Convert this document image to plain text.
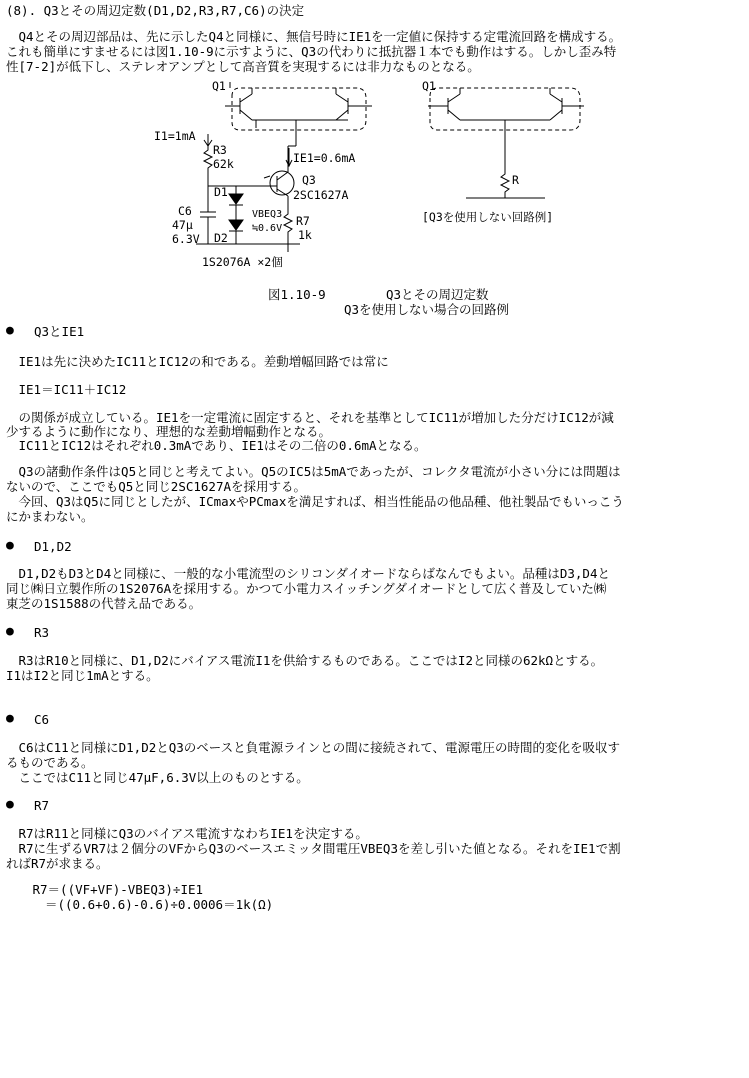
(8). Q3とその周辺定数(D1,D2,R3,R7,C6)の決定
　Q4とその周辺部品は、先に示したQ4と同様に、無信号時にIE1を一定値に保持する定電流回路を構成する。
これも簡単にすませるには図1.10-9に示すように、Q3の代わりに抵抗器１本でも動作はする。しかし歪み特
性[7-2]が低下し、ステレオアンプとして高音質を実現するには非力なものとなる。
Q1	Q1
I1=1mA
R3
62k	IE1=0.6mA
D1
D2
Q3
2SC1627A
C6
47μ
6.3V
VBEQ3
≒0.6V
R7
1k
1S2076A ×2個
R
[Q3を使用しない回路例]
図1.10-9	Q3とその周辺定数
Q3を使用しない場合の回路例
● Q3とIE1
　IE1は先に決めたIC11とIC12の和である。差動増幅回路では常に
　IE1＝IC11＋IC12
　の関係が成立している。IE1を一定電流に固定すると、それを基準としてIC11が増加した分だけIC12が減
少するように動作になり、理想的な差動増幅動作となる。
　IC11とIC12はそれぞれ0.3mAであり、IE1はその二倍の0.6mAとなる。
　Q3の諸動作条件はQ5と同じと考えてよい。Q5のIC5は5mAであったが、コレクタ電流が小さい分には問題は
ないので、ここでもQ5と同じ2SC1627Aを採用する。
　今回、Q3はQ5に同じとしたが、ICmaxやPCmaxを満足すれば、相当性能品の他品種、他社製品でもいっこう
にかまわない。
● D1,D2
　D1,D2もD3とD4と同様に、一般的な小電流型のシリコンダイオードならばなんでもよい。品種はD3,D4と
同じ㈱日立製作所の1S2076Aを採用する。かつて小電力スイッチングダイオードとして広く普及していた㈱
東芝の1S1588の代替え品である。
● R3
　R3はR10と同様に、D1,D2にバイアス電流I1を供給するものである。ここではI2と同様の62kΩとする。
I1はI2と同じ1mAとする。
● C6
　C6はC11と同様にD1,D2とQ3のベースと負電源ラインとの間に接続されて、電源電圧の時間的変化を吸収す
るものである。
　ここではC11と同じ47μF,6.3V以上のものとする。
● R7
　R7はR11と同様にQ3のバイアス電流すなわちIE1を決定する。
　R7に生ずるVR7は２個分のVFからQ3のベースエミッタ間電圧VBEQ3を差し引いた値となる。それをIE1で割
ればR7が求まる。
　R7＝((VF+VF)-VBEQ3)÷IE1
　　＝((0.6+0.6)-0.6)÷0.0006＝1k(Ω)
